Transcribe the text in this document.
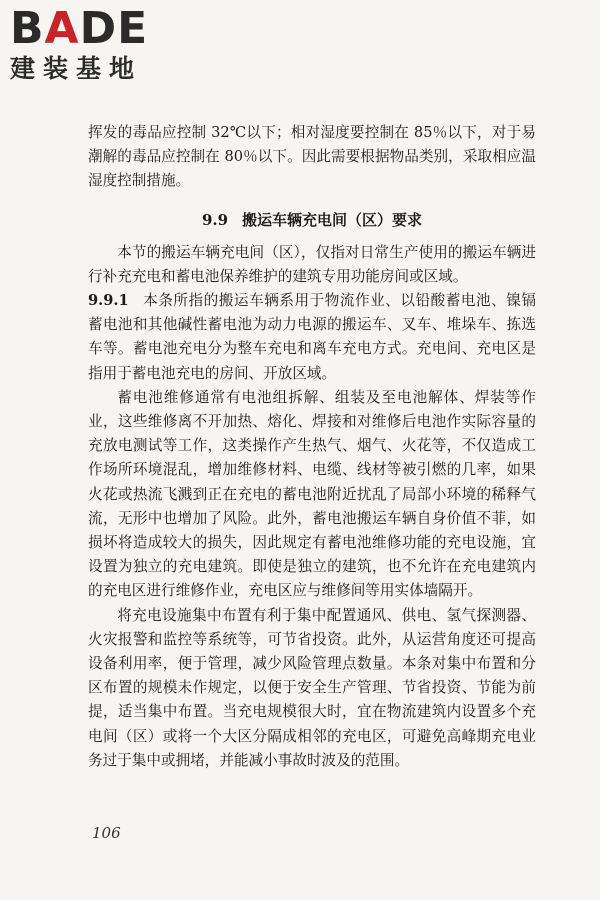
B A DE
建装基地

挥发的毒品应控制 32℃以下；相对湿度要控制在 85％以下，对于易潮解的毒品应控制在 80％以下。因此需要根据物品类别，采取相应温湿度控制措施。

9.9 搬运车辆充电间（区）要求

本节的搬运车辆充电间（区），仅指对日常生产使用的搬运车辆进行补充充电和蓄电池保养维护的建筑专用功能房间或区域。

9.9.1 本条所指的搬运车辆系用于物流作业、以铅酸蓄电池、镍镉蓄电池和其他碱性蓄电池为动力电源的搬运车、叉车、堆垛车、拣选车等。蓄电池充电分为整车充电和离车充电方式。充电间、充电区是指用于蓄电池充电的房间、开放区域。

蓄电池维修通常有电池组拆解、组装及至电池解体、焊装等作业，这些维修离不开加热、熔化、焊接和对维修后电池作实际容量的充放电测试等工作，这类操作产生热气、烟气、火花等，不仅造成工作场所环境混乱，增加维修材料、电缆、线材等被引燃的几率，如果火花或热流飞溅到正在充电的蓄电池附近扰乱了局部小环境的稀释气流，无形中也增加了风险。此外，蓄电池搬运车辆自身价值不菲，如损坏将造成较大的损失，因此规定有蓄电池维修功能的充电设施，宜设置为独立的充电建筑。即使是独立的建筑，也不允许在充电建筑内的充电区进行维修作业，充电区应与维修间等用实体墙隔开。

将充电设施集中布置有利于集中配置通风、供电、氢气探测器、火灾报警和监控等系统等，可节省投资。此外，从运营角度还可提高设备利用率，便于管理，减少风险管理点数量。本条对集中布置和分区布置的规模未作规定，以便于安全生产管理、节省投资、节能为前提，适当集中布置。当充电规模很大时，宜在物流建筑内设置多个充电间（区）或将一个大区分隔成相邻的充电区，可避免高峰期充电业务过于集中或拥堵，并能减小事故时波及的范围。

106
